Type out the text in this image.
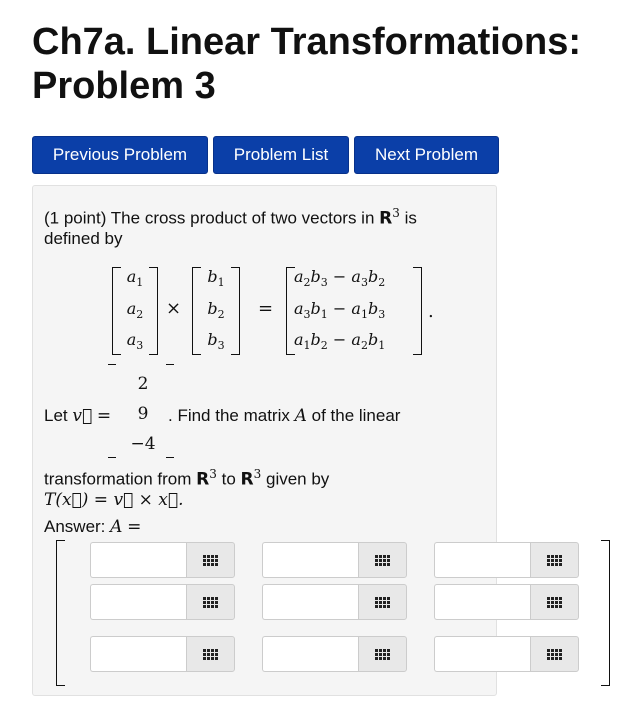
Ch7a. Linear Transformations:
Problem 3
Previous Problem	Problem List	Next Problem
(1 point) The cross product of two vectors in $R^3$ is
defined by
$a_1$
$a_2$
$a_3$
×
$b_1$
$b_2$
$b_3$
=
$a_2b_3 - a_3b_2$
$a_3b_1 - a_1b_3$
$a_1b_2 - a_2b_1$
.
Let v⃗ =
2
9
−4
. Find the matrix A of the linear
transformation from $R^3$ to $R^3$ given by
T(x⃗) = v⃗ × x⃗.
Answer: A =
